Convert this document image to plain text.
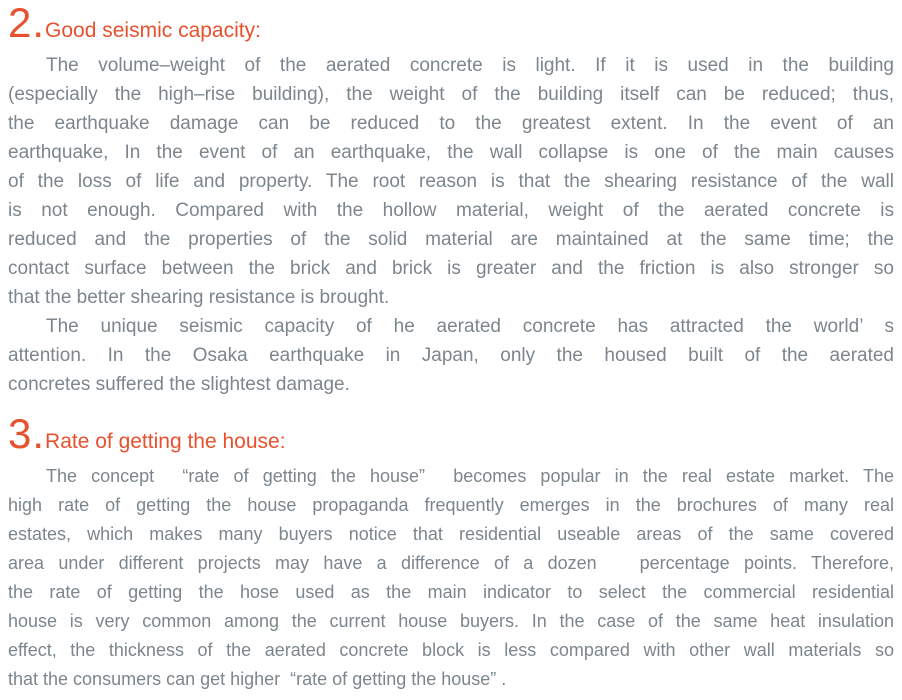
2.Good seismic capacity:
The volume–weight of the aerated concrete is light. If it is used in the building
(especially the high–rise building), the weight of the building itself can be reduced; thus,
the earthquake damage can be reduced to the greatest extent. In the event of an
earthquake, In the event of an earthquake, the wall collapse is one of the main causes
of the loss of life and property. The root reason is that the shearing resistance of the wall
is not enough. Compared with the hollow material, weight of the aerated concrete is
reduced and the properties of the solid material are maintained at the same time; the
contact surface between the brick and brick is greater and the friction is also stronger so
that the better shearing resistance is brought.
The unique seismic capacity of he aerated concrete has attracted the world’ s
attention. In the Osaka earthquake in Japan, only the housed built of the aerated
concretes suffered the slightest damage.
3.Rate of getting the house:
The concept  “rate of getting the house”  becomes popular in the real estate market. The
high rate of getting the house propaganda frequently emerges in the brochures of many real
estates, which makes many buyers notice that residential useable areas of the same covered
area under different projects may have a difference of a dozen   percentage points. Therefore,
the rate of getting the hose used as the main indicator to select the commercial residential
house is very common among the current house buyers. In the case of the same heat insulation
effect, the thickness of the aerated concrete block is less compared with other wall materials so
that the consumers can get higher  “rate of getting the house” .
